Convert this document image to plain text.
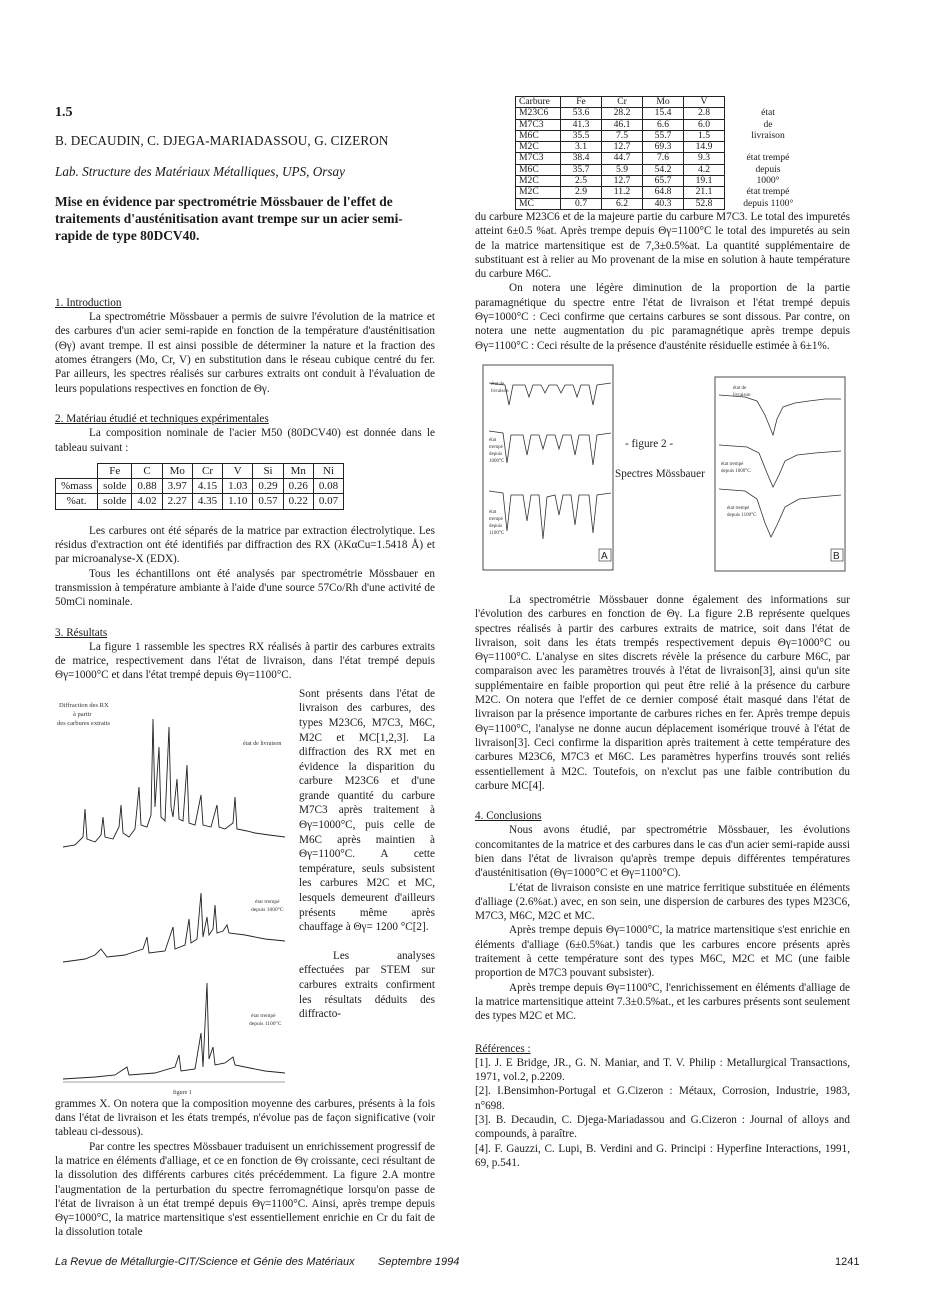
1.5
B. DECAUDIN, C. DJEGA-MARIADASSOU, G. CIZERON
Lab. Structure des Matériaux Métalliques, UPS, Orsay
Mise en évidence par spectrométrie Mössbauer de l'effet de traitements d'austénitisation avant trempe sur un acier semi-rapide de type 80DCV40.
1. Introduction

La spectrométrie Mössbauer a permis de suivre l'évolution de la matrice et des carbures d'un acier semi-rapide en fonction de la température d'austénitisation (Θγ) avant trempe. Il est ainsi possible de déterminer la nature et la fraction des atomes étrangers (Mo, Cr, V) en substitution dans le réseau cubique centré du fer. Par ailleurs, les spectres réalisés sur carbures extraits ont conduit à l'évaluation de leurs populations respectives en fonction de Θγ.

2. Matériau étudié et techniques expérimentales

La composition nominale de l'acier M50 (80DCV40) est donnée dans le tableau suivant :

	Fe	C	Mo	Cr	V	Si	Mn	Ni
%mass	solde	0.88	3.97	4.15	1.03	0.29	0.26	0.08
%at.	solde	4.02	2.27	4.35	1.10	0.57	0.22	0.07

Les carbures ont été séparés de la matrice par extraction électrolytique. Les résidus d'extraction ont été identifiés par diffraction des RX (λKαCu=1.5418 Å) et par microanalyse-X (EDX).

Tous les échantillons ont été analysés par spectrométrie Mössbauer en transmission à température ambiante à l'aide d'une source 57Co/Rh d'une activité de 50mCi nominale.

3. Résultats

La figure 1 rassemble les spectres RX réalisés à partir des carbures extraits de matrice, respectivement dans l'état de livraison, dans l'état trempé depuis Θγ=1000°C et dans l'état trempé depuis Θγ=1100°C.

Diffraction des RX à partir des carbures extraits
état de livraison
état trempé depuis 1000°C
état trempé depuis 1100°C
figure 1

Sont présents dans l'état de livraison des carbures, des types M23C6, M7C3, M6C, M2C et MC[1,2,3]. La diffraction des RX met en évidence la disparition du carbure M23C6 et d'une grande quantité du carbure M7C3 après traitement à Θγ=1000°C, puis celle de M6C après maintien à Θγ=1100°C. A cette température, seuls subsistent les carbures M2C et MC, lesquels demeurent d'ailleurs présents même après chauffage à Θγ= 1200 °C[2].

Les analyses effectuées par STEM sur carbures extraits confirment les résultats déduits des diffracto-

grammes X. On notera que la composition moyenne des carbures, présents à la fois dans l'état de livraison et les états trempés, n'évolue pas de façon significative (voir tableau ci-dessous).

Par contre les spectres Mössbauer traduisent un enrichissement progressif de la matrice en éléments d'alliage, et ce en fonction de Θγ croissante, ceci résultant de la dissolution des différents carbures cités précédemment. La figure 2.A montre l'augmentation de la perturbation du spectre ferromagnétique lorsqu'on passe de l'état de livraison à un état trempé depuis Θγ=1100°C. Ainsi, après trempe depuis Θγ=1000°C, la matrice martensitique s'est essentiellement enrichie en Cr du fait de la dissolution totale

Carbure	Fe	Cr	Mo	V	
M23C6	53.6	28.2	15.4	2.8	état
M7C3	41.3	46.1	6.6	6.0	de
M6C	35.5	7.5	55.7	1.5	livraison
M2C	3.1	12.7	69.3	14.9	
M7C3	38.4	44.7	7.6	9.3	état trempé
M6C	35.7	5.9	54.2	4.2	depuis
M2C	2.5	12.7	65.7	19.1	1000°
M2C	2.9	11.2	64.8	21.1	état trempé
MC	0.7	6.2	40.3	52.8	depuis 1100°

du carbure M23C6 et de la majeure partie du carbure M7C3. Le total des impuretés atteint 6±0.5 %at. Après trempe depuis Θγ=1100°C le total des impuretés au sein de la matrice martensitique est de 7,3±0.5%at. La quantité supplémentaire de substituant est à relier au Mo provenant de la mise en solution à haute température du carbure M6C.

On notera une légère diminution de la proportion de la partie paramagnétique du spectre entre l'état de livraison et l'état trempé depuis Θγ=1000°C : Ceci confirme que certains carbures se sont dissous. Par contre, on notera une nette augmentation du pic paramagnétique après trempe depuis Θγ=1100°C : Ceci résulte de la présence d'austénite résiduelle estimée à 6±1%.

état de livraison
état trempé depuis 1000°C
état trempé depuis 1100°C
A
- figure 2 -
Spectres Mössbauer
état de livraison
état trempé depuis 1000°C
état trempé depuis 1100°C
B

La spectrométrie Mössbauer donne également des informations sur l'évolution des carbures en fonction de Θγ. La figure 2.B représente quelques spectres réalisés à partir des carbures extraits de matrice, soit dans l'état de livraison, soit dans les états trempés respectivement depuis Θγ=1000°C ou Θγ=1100°C. L'analyse en sites discrets révèle la présence du carbure M6C, par comparaison avec les paramètres trouvés à l'état de livraison[3], ainsi qu'un site supplémentaire en faible proportion qui peut être relié à la présence du carbure M2C. On notera que l'effet de ce dernier composé était masqué dans l'état de livraison par la présence importante de carbures riches en fer. Après trempe depuis Θγ=1100°C, l'analyse ne donne aucun déplacement isomérique trouvé à l'état de livraison[3]. Ceci confirme la disparition après traitement à cette température des carbures M23C6, M7C3 et M6C. Les paramètres hyperfins trouvés sont reliés essentiellement à M2C. Toutefois, on n'exclut pas une faible contribution du carbure MC[4].

4. Conclusions

Nous avons étudié, par spectrométrie Mössbauer, les évolutions concomitantes de la matrice et des carbures dans le cas d'un acier semi-rapide aussi bien dans l'état de livraison qu'après trempe depuis différentes températures d'austénitisation (Θγ=1000°C et Θγ=1100°C).

L'état de livraison consiste en une matrice ferritique substituée en éléments d'alliage (2.6%at.) avec, en son sein, une dispersion de carbures des types M23C6, M7C3, M6C, M2C et MC.

Après trempe depuis Θγ=1000°C, la matrice martensitique s'est enrichie en éléments d'alliage (6±0.5%at.) tandis que les carbures encore présents après traitement à cette température sont des types M6C, M2C et MC (une faible proportion de M7C3 pouvant subsister).

Après trempe depuis Θγ=1100°C, l'enrichissement en éléments d'alliage de la matrice martensitique atteint 7.3±0.5%at., et les carbures présents sont seulement des types M2C et MC.

Références :

[1]. J. E Bridge, JR., G. N. Maniar, and T. V. Philip : Metallurgical Transactions, 1971, vol.2, p.2209.

[2]. I.Bensimhon-Portugal et G.Cizeron : Métaux, Corrosion, Industrie, 1983, n°698.

[3]. B. Decaudin, C. Djega-Mariadassou and G.Cizeron : Journal of alloys and compounds, à paraître.

[4]. F. Gauzzi, C. Lupi, B. Verdini and G. Principi : Hyperfine Interactions, 1991, 69, p.541.

La Revue de Métallurgie-CIT/Science et Génie des Matériaux Septembre 1994	1241
